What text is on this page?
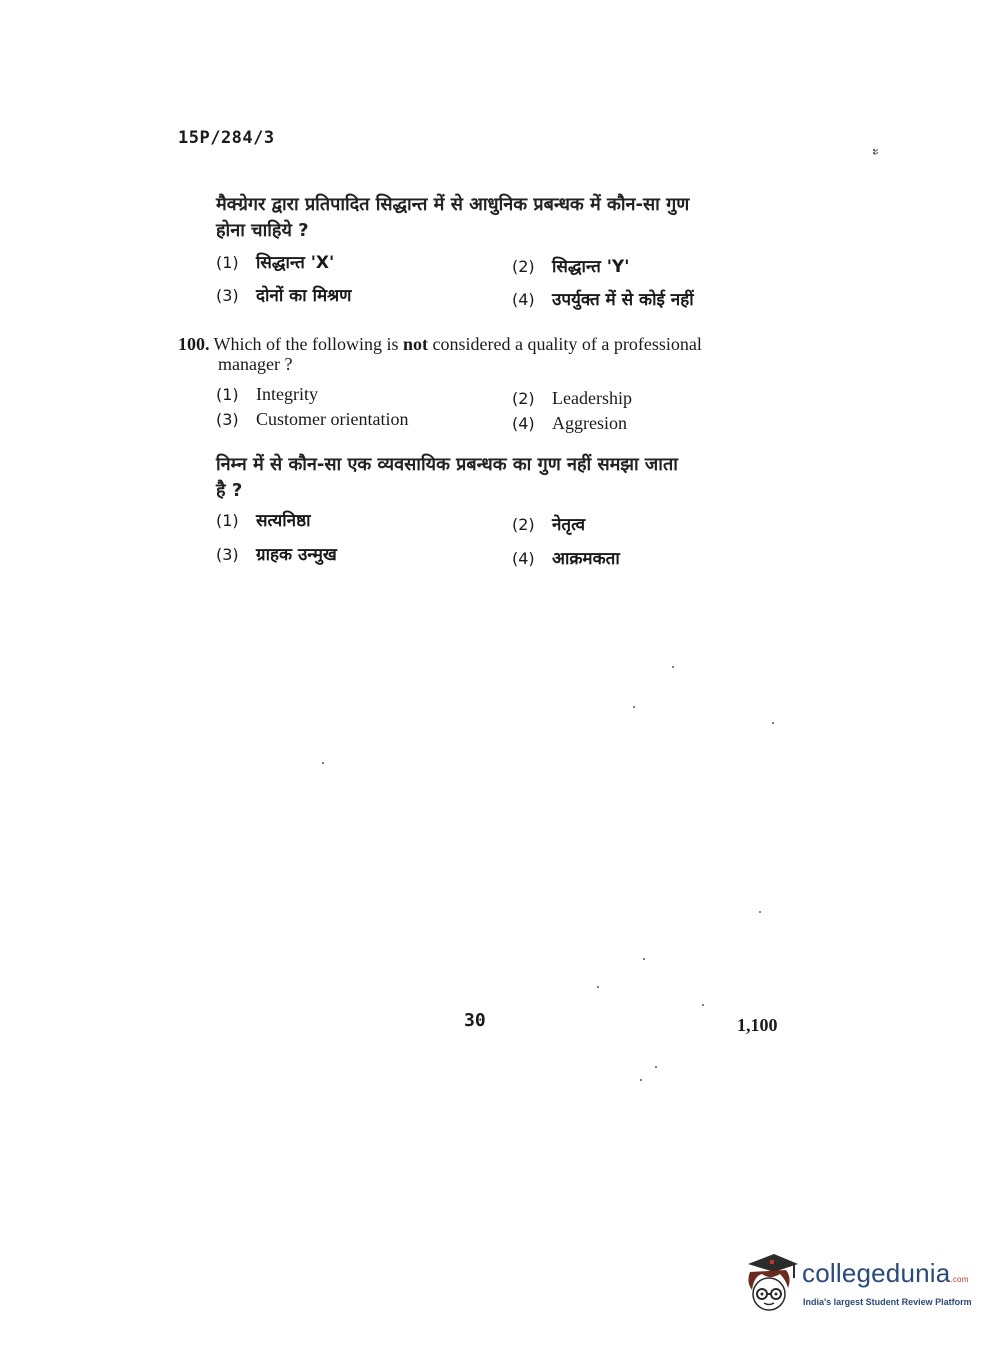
15P/284/3
ะ
मैक्ग्रेगर द्वारा प्रतिपादित सिद्धान्त में से आधुनिक प्रबन्धक में कौन-सा गुण
होना चाहिये ?
(1) सिद्धान्त 'X'	(2) सिद्धान्त 'Y'
(3) दोनों का मिश्रण	(4) उपर्युक्त में से कोई नहीं
100. Which of the following is not considered a quality of a professional
manager ?
(1) Integrity	(2) Leadership
(3) Customer orientation	(4) Aggresion
निम्न में से कौन-सा एक व्यवसायिक प्रबन्धक का गुण नहीं समझा जाता
है ?
(1) सत्यनिष्ठा	(2) नेतृत्व
(3) ग्राहक उन्मुख	(4) आक्रमकता
30	1,100
collegedunia.com
India's largest Student Review Platform
